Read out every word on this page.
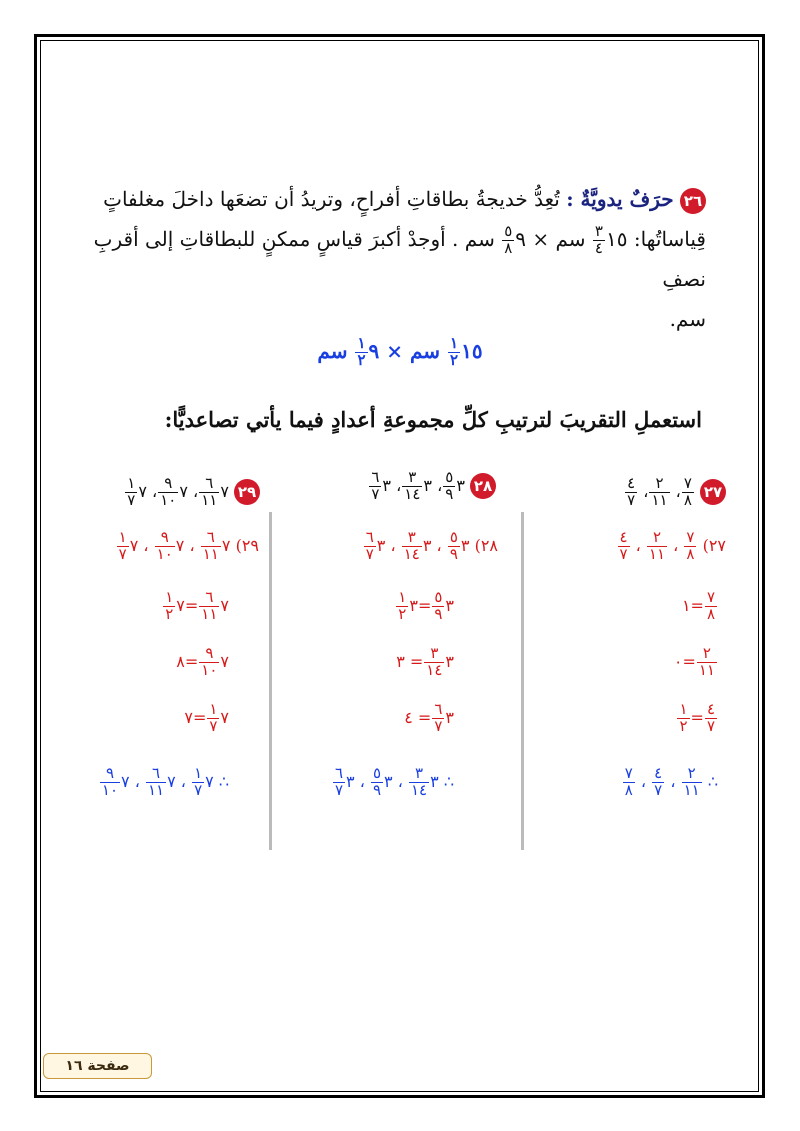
٢٦ حرَفٌ يدويَّةٌ : تُعِدُّ خديجةُ بطاقاتِ أفراحٍ، وتريدُ أن تضعَها داخلَ مغلفاتٍ
قِياساتُها: ١٥
$\frac{٣}{٤}$
سم × ٩
$\frac{٥}{٨}$
سم . أوجدْ أكبرَ قياسٍ ممكنٍ للبطاقاتِ إلى أقربِ نصفِ
سم.
١٥
$\frac{١}{٢}$
سم × ٩
$\frac{١}{٢}$
سم
استعملِ التقريبَ لترتيبِ كلِّ مجموعةِ أعدادٍ فيما يأتي تصاعديًّا:
٢٧
$\frac{٧}{٨}$
،
$\frac{٢}{١١}$
،
$\frac{٤}{٧}$
٢٧)
$\frac{٧}{٨}$
،
$\frac{٢}{١١}$
،
$\frac{٤}{٧}$
$\frac{٧}{٨}$
=١
$\frac{٢}{١١}$
=٠
$\frac{٤}{٧}$
=
$\frac{١}{٢}$
∴
$\frac{٢}{١١}$
،
$\frac{٤}{٧}$
،
$\frac{٧}{٨}$
٢٨ ٣
$\frac{٥}{٩}$
، ٣
$\frac{٣}{١٤}$
، ٣
$\frac{٦}{٧}$
٢٨) ٣
$\frac{٥}{٩}$
، ٣
$\frac{٣}{١٤}$
، ٣
$\frac{٦}{٧}$
٣
$\frac{٥}{٩}$
=٣
$\frac{١}{٢}$
٣
$\frac{٣}{١٤}$
= ٣
٣
$\frac{٦}{٧}$
= ٤
∴ ٣
$\frac{٣}{١٤}$
، ٣
$\frac{٥}{٩}$
، ٣
$\frac{٦}{٧}$
٢٩ ٧
$\frac{٦}{١١}$
، ٧
$\frac{٩}{١٠}$
، ٧
$\frac{١}{٧}$
٢٩) ٧
$\frac{٦}{١١}$
، ٧
$\frac{٩}{١٠}$
، ٧
$\frac{١}{٧}$
٧
$\frac{٦}{١١}$
=٧
$\frac{١}{٢}$
٧
$\frac{٩}{١٠}$
=٨
٧
$\frac{١}{٧}$
=٧
∴ ٧
$\frac{١}{٧}$
، ٧
$\frac{٦}{١١}$
، ٧
$\frac{٩}{١٠}$
صفحة ١٦
